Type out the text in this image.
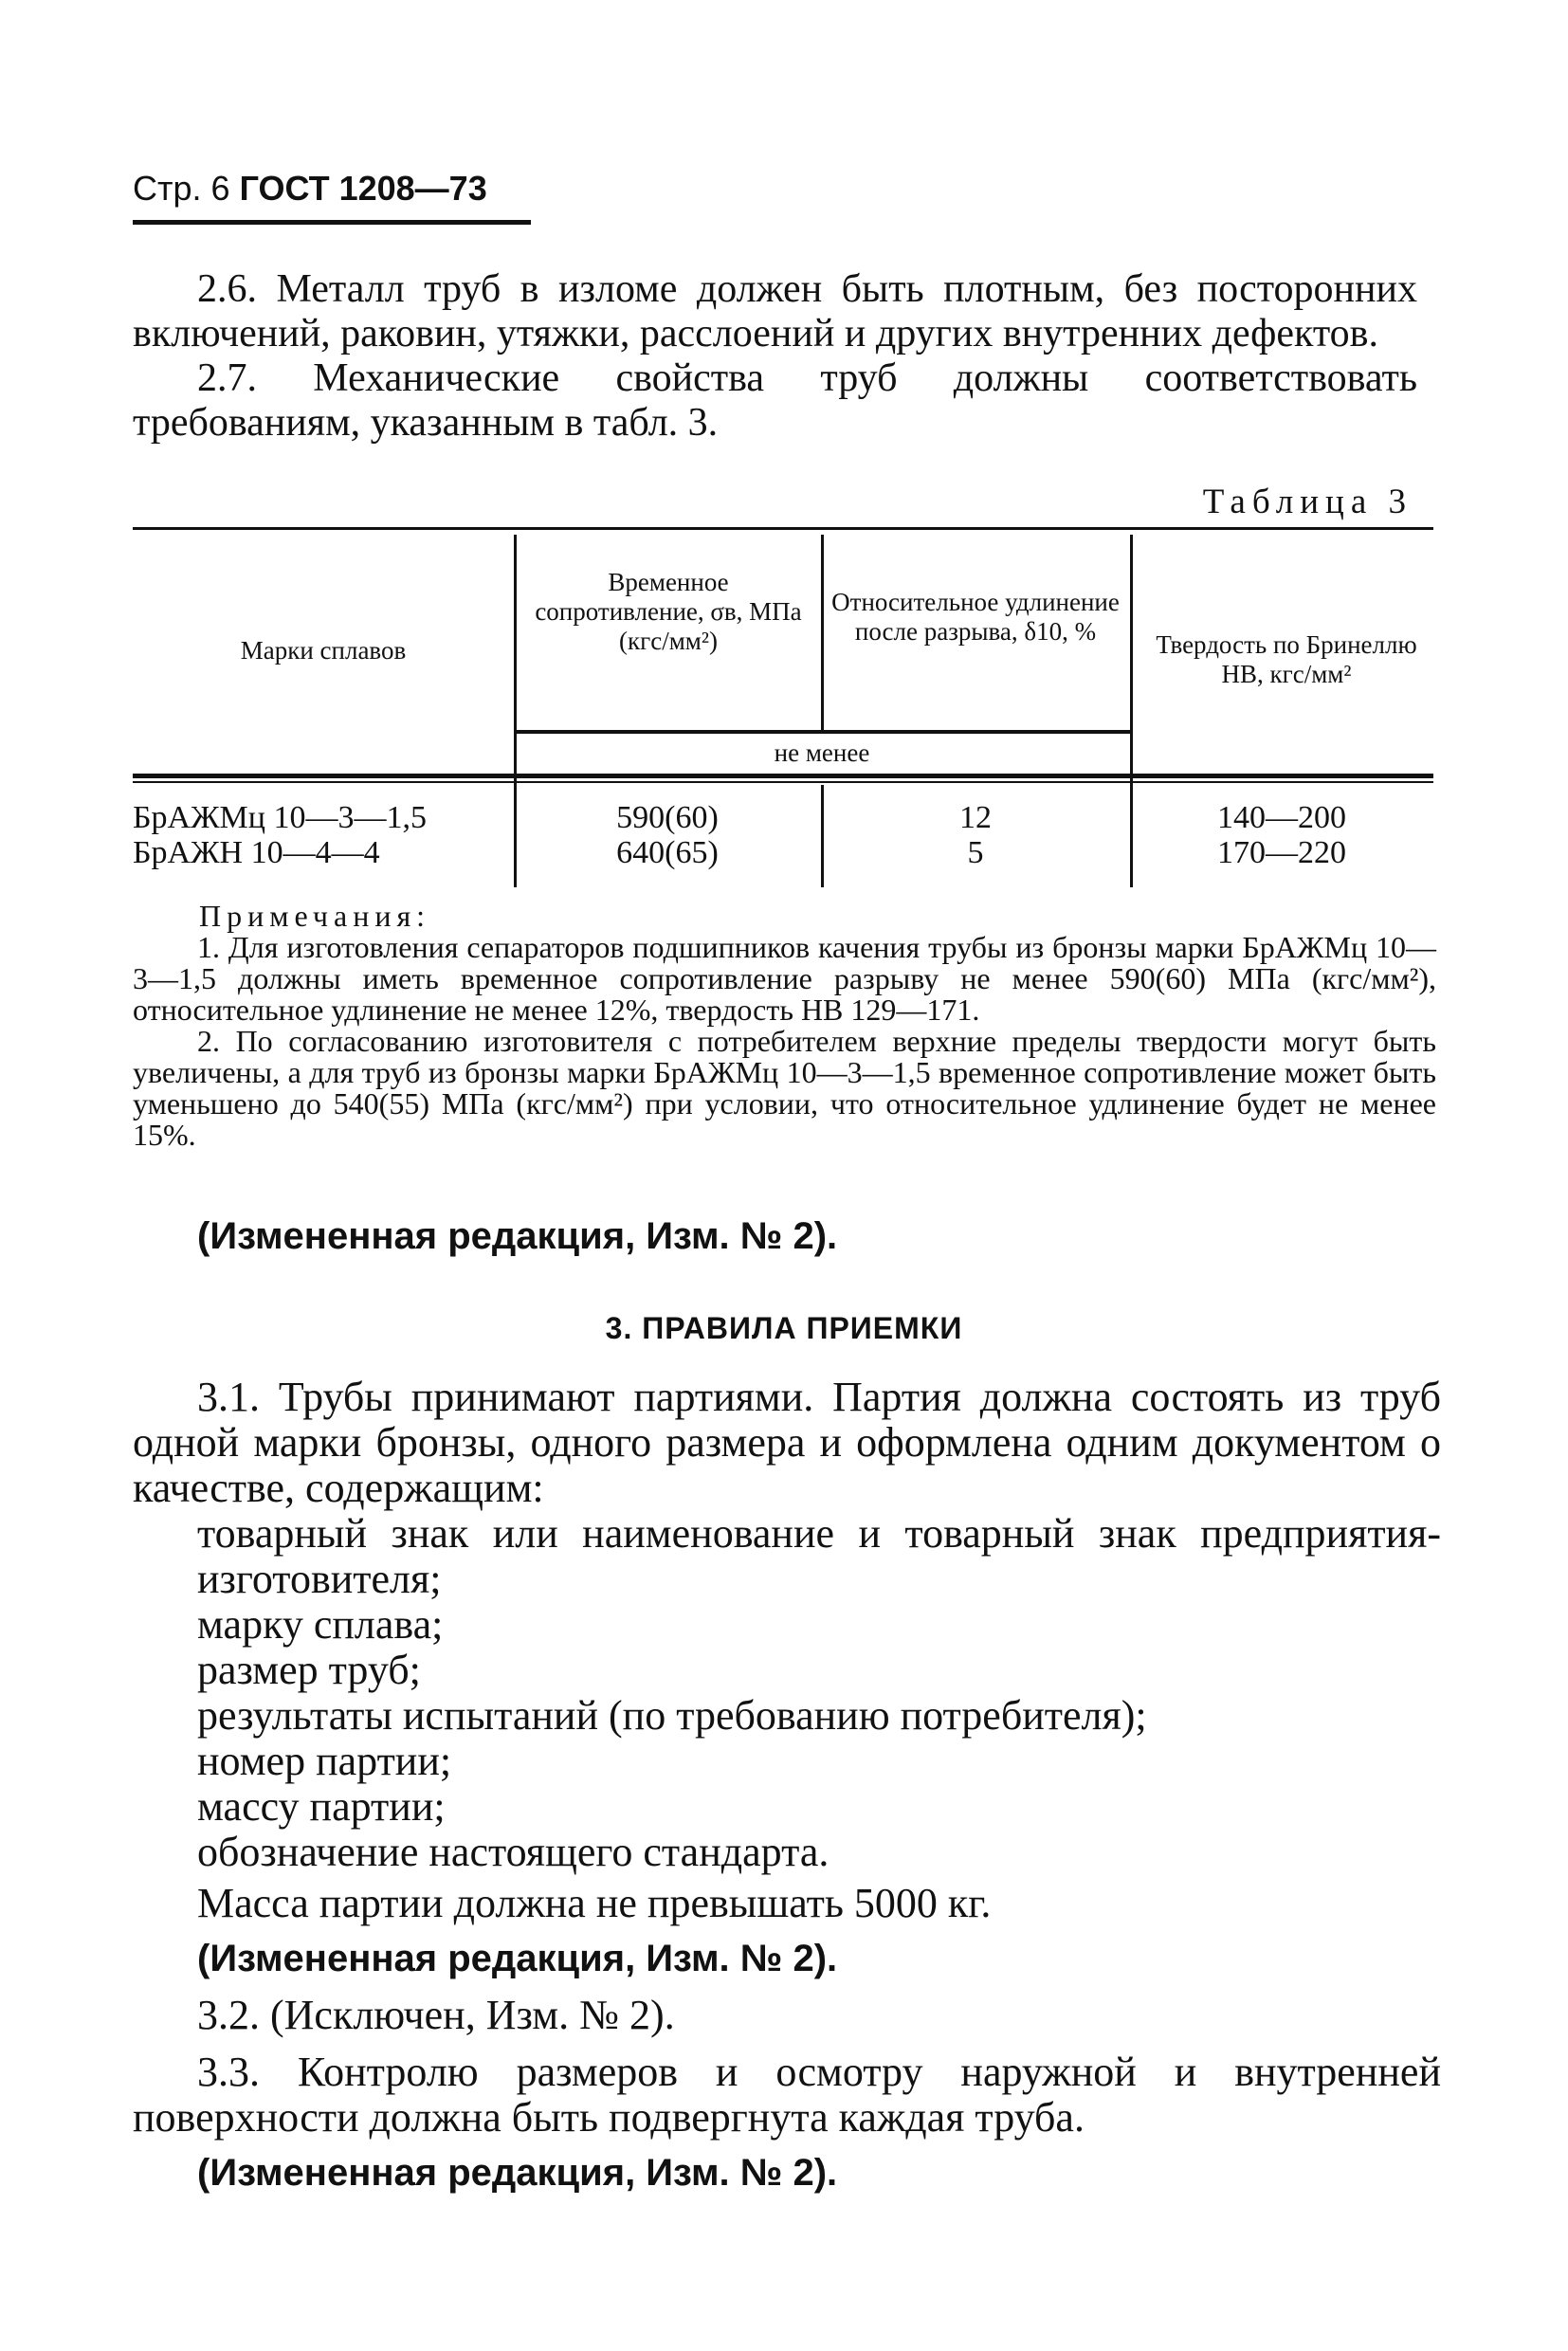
Стр. 6 ГОСТ 1208—73

2.6. Металл труб в изломе должен быть плотным, без посторонних включений, раковин, утяжки, расслоений и других внутренних дефектов.

2.7. Механические свойства труб должны соответствовать требованиям, указанным в табл. 3.

Таблица 3
Марки сплавов
Временное сопротивление, σв, МПа (кгс/мм²)
Относительное удлинение после разрыва, δ10, %	Твердость по Бринеллю НВ, кгс/мм²
не менее
БрАЖМц 10—3—1,5
БрАЖН 10—4—4
590(60)
640(65)
12
5
140—200
170—220

Примечания:

1. Для изготовления сепараторов подшипников качения трубы из бронзы марки БрАЖМц 10—3—1,5 должны иметь временное сопротивление разрыву не менее 590(60) МПа (кгс/мм²), относительное удлинение не менее 12%, твердость НВ 129—171.

2. По согласованию изготовителя с потребителем верхние пределы твердости могут быть увеличены, а для труб из бронзы марки БрАЖМц 10—3—1,5 временное сопротивление может быть уменьшено до 540(55) МПа (кгс/мм²) при условии, что относительное удлинение будет не менее 15%.

(Измененная редакция, Изм. № 2).
3. ПРАВИЛА ПРИЕМКИ

3.1. Трубы принимают партиями. Партия должна состоять из труб одной марки бронзы, одного размера и оформлена одним документом о качестве, содержащим:

товарный знак или наименование и товарный знак предприятия-изготовителя;

марку сплава;

размер труб;

результаты испытаний (по требованию потребителя);

номер партии;

массу партии;

обозначение настоящего стандарта.

Масса партии должна не превышать 5000 кг.

(Измененная редакция, Изм. № 2).

3.2. (Исключен, Изм. № 2).

3.3. Контролю размеров и осмотру наружной и внутренней поверхности должна быть подвергнута каждая труба.

(Измененная редакция, Изм. № 2).
